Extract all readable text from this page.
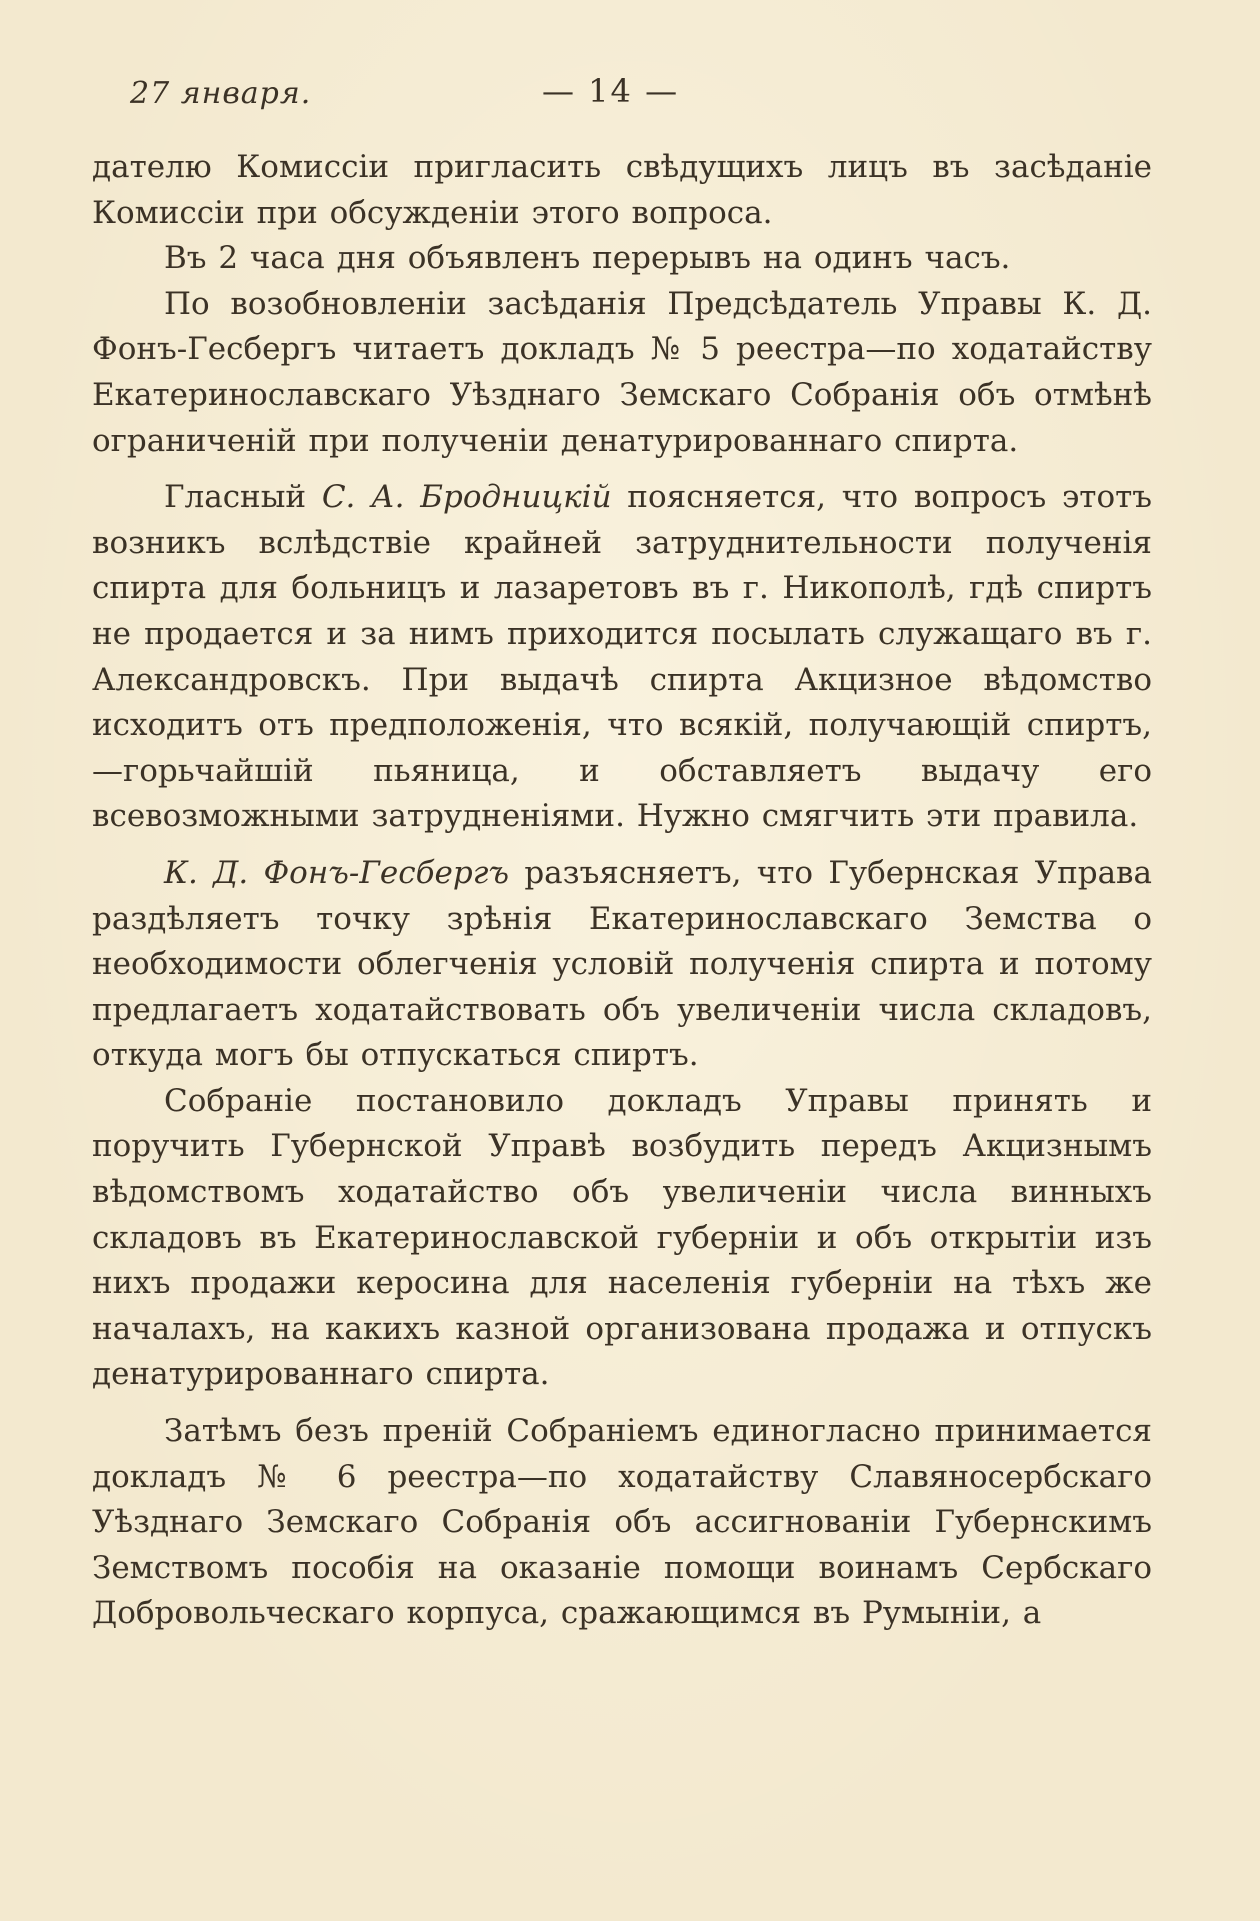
27 января.	— 14 —

дателю Комиссіи пригласить свѣдущихъ лицъ въ засѣданіе Комиссіи при обсужденіи этого вопроса.

Въ 2 часа дня объявленъ перерывъ на одинъ часъ.

По возобновленіи засѣданія Предсѣдатель Управы К. Д. Фонъ-Гесбергъ читаетъ докладъ № 5 реестра—по ходатайству Екатеринославскаго Уѣзднаго Земскаго Собранія объ отмѣнѣ ограниченій при полученіи денатурированнаго спирта.

Гласный С. А. Бродницкій поясняется, что вопросъ этотъ возникъ вслѣдствіе крайней затруднительности полученія спирта для больницъ и лазаретовъ въ г. Никополѣ, гдѣ спиртъ не продается и за нимъ приходится посылать служащаго въ г. Александровскъ. При выдачѣ спирта Акцизное вѣдомство исходитъ отъ предположенія, что всякій, получающій спиртъ,—горьчайшій пьяница, и обставляетъ выдачу его всевозможными затрудненіями. Нужно смягчить эти правила.

К. Д. Фонъ-Гесбергъ разъясняетъ, что Губернская Управа раздѣляетъ точку зрѣнія Екатеринославскаго Земства о необходимости облегченія условій полученія спирта и потому предлагаетъ ходатайствовать объ увеличеніи числа складовъ, откуда могъ бы отпускаться спиртъ.

Собраніе постановило докладъ Управы принять и поручить Губернской Управѣ возбудить передъ Акцизнымъ вѣдомствомъ ходатайство объ увеличеніи числа винныхъ складовъ въ Екатеринославской губерніи и объ открытіи изъ нихъ продажи керосина для населенія губерніи на тѣхъ же началахъ, на какихъ казной организована продажа и отпускъ денатурированнаго спирта.

Затѣмъ безъ преній Собраніемъ единогласно принимается докладъ № 6 реестра—по ходатайству Славяносербскаго Уѣзднаго Земскаго Собранія объ ассигнованіи Губернскимъ Земствомъ пособія на оказаніе помощи воинамъ Сербскаго Добровольческаго корпуса, сражающимся въ Румыніи, а
